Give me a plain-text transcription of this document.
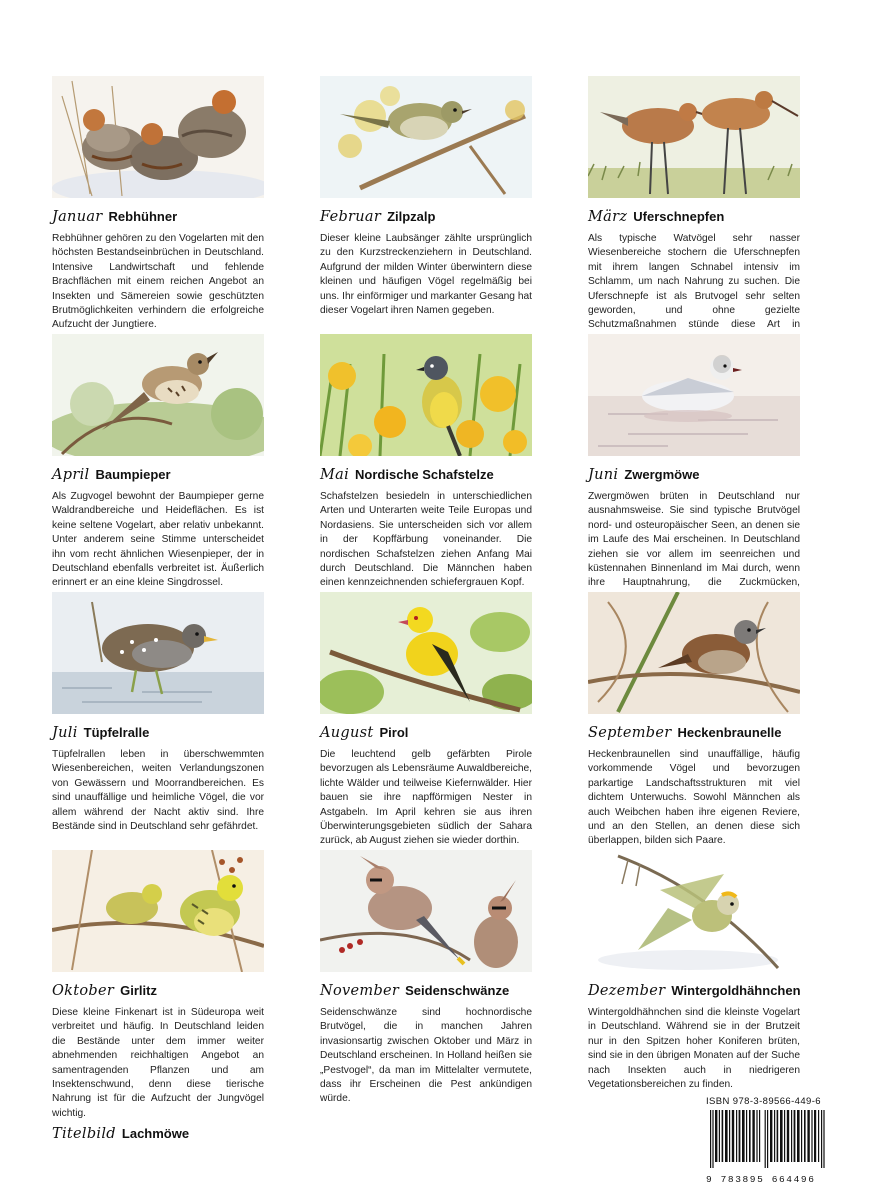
Januar Rebhühner

Rebhühner gehören zu den Vogelarten mit den höchsten Bestandseinbrüchen in Deutschland. Intensive Landwirtschaft und fehlende Brachflächen mit einem reichen Angebot an Insekten und Sämereien sowie geschützten Brutmöglichkeiten verhindern die erfolgreiche Aufzucht der Jungtiere.

Februar Zilpzalp

Dieser kleine Laubsänger zählte ursprünglich zu den Kurzstreckenziehern in Deutschland. Aufgrund der milden Winter überwintern diese kleinen und häufigen Vögel regelmäßig bei uns. Ihr einförmiger und markanter Gesang hat dieser Vogelart ihren Namen gegeben.

März Uferschnepfen

Als typische Watvögel sehr nasser Wiesenbereiche stochern die Uferschnepfen mit ihrem langen Schnabel intensiv im Schlamm, um nach Nahrung zu suchen. Die Uferschnepfe ist als Brutvogel sehr selten geworden, und ohne gezielte Schutzmaßnahmen stünde diese Art in

April Baumpieper

Als Zugvogel bewohnt der Baumpieper gerne Waldrandbereiche und Heideflächen. Es ist keine seltene Vogelart, aber relativ unbekannt. Unter anderem seine Stimme unterscheidet ihn vom recht ähnlichen Wiesenpieper, der in Deutschland ebenfalls verbreitet ist. Äußerlich erinnert er an eine kleine Singdrossel.

Mai Nordische Schafstelze

Schafstelzen besiedeln in unterschiedlichen Arten und Unterarten weite Teile Europas und Nordasiens. Sie unterscheiden sich vor allem in der Kopffärbung voneinander. Die nordischen Schafstelzen ziehen Anfang Mai durch Deutschland. Die Männchen haben einen kennzeichnenden schiefergrauen Kopf.

Juni Zwergmöwe

Zwergmöwen brüten in Deutschland nur ausnahmsweise. Sie sind typische Brutvögel nord- und osteuropäischer Seen, an denen sie im Laufe des Mai erscheinen. In Deutschland ziehen sie vor allem im seenreichen und küstennahen Binnenland im Mai durch, wenn ihre Hauptnahrung, die Zuckmücken,

Juli Tüpfelralle

Tüpfelrallen leben in überschwemmten Wiesenbereichen, weiten Verlandungszonen von Gewässern und Moorrandbereichen. Es sind unauffällige und heimliche Vögel, die vor allem während der Nacht aktiv sind. Ihre Bestände sind in Deutschland sehr gefährdet.

August Pirol

Die leuchtend gelb gefärbten Pirole bevorzugen als Lebensräume Auwaldbereiche, lichte Wälder und teilweise Kiefernwälder. Hier bauen sie ihre napfförmigen Nester in Astgabeln. Im April kehren sie aus ihren Überwinterungsgebieten südlich der Sahara zurück, ab August ziehen sie wieder dorthin.

September Heckenbraunelle

Heckenbraunellen sind unauffällige, häufig vorkommende Vögel und bevorzugen parkartige Landschaftsstrukturen mit viel dichtem Unterwuchs. Sowohl Männchen als auch Weibchen haben ihre eigenen Reviere, und an den Stellen, an denen diese sich überlappen, bilden sich Paare.

Oktober Girlitz

Diese kleine Finkenart ist in Südeuropa weit verbreitet und häufig. In Deutschland leiden die Bestände unter dem immer weiter abnehmenden reichhaltigen Angebot an samentragenden Pflanzen und am Insektenschwund, denn diese tierische Nahrung ist für die Aufzucht der Jungvögel wichtig.

November Seidenschwänze

Seidenschwänze sind hochnordische Brutvögel, die in manchen Jahren invasionsartig zwischen Oktober und März in Deutschland erscheinen. In Holland heißen sie „Pestvogel“, da man im Mittelalter vermutete, dass ihr Erscheinen die Pest ankündigen würde.

Dezember Wintergoldhähnchen

Wintergoldhähnchen sind die kleinste Vogelart in Deutschland. Während sie in der Brutzeit nur in den Spitzen hoher Koniferen brüten, sind sie in den übrigen Monaten auf der Suche nach Insekten auch in niedrigeren Vegetationsbereichen zu finden.

Titelbild Lachmöwe
ISBN 978-3-89566-449-6
9 783895 664496
